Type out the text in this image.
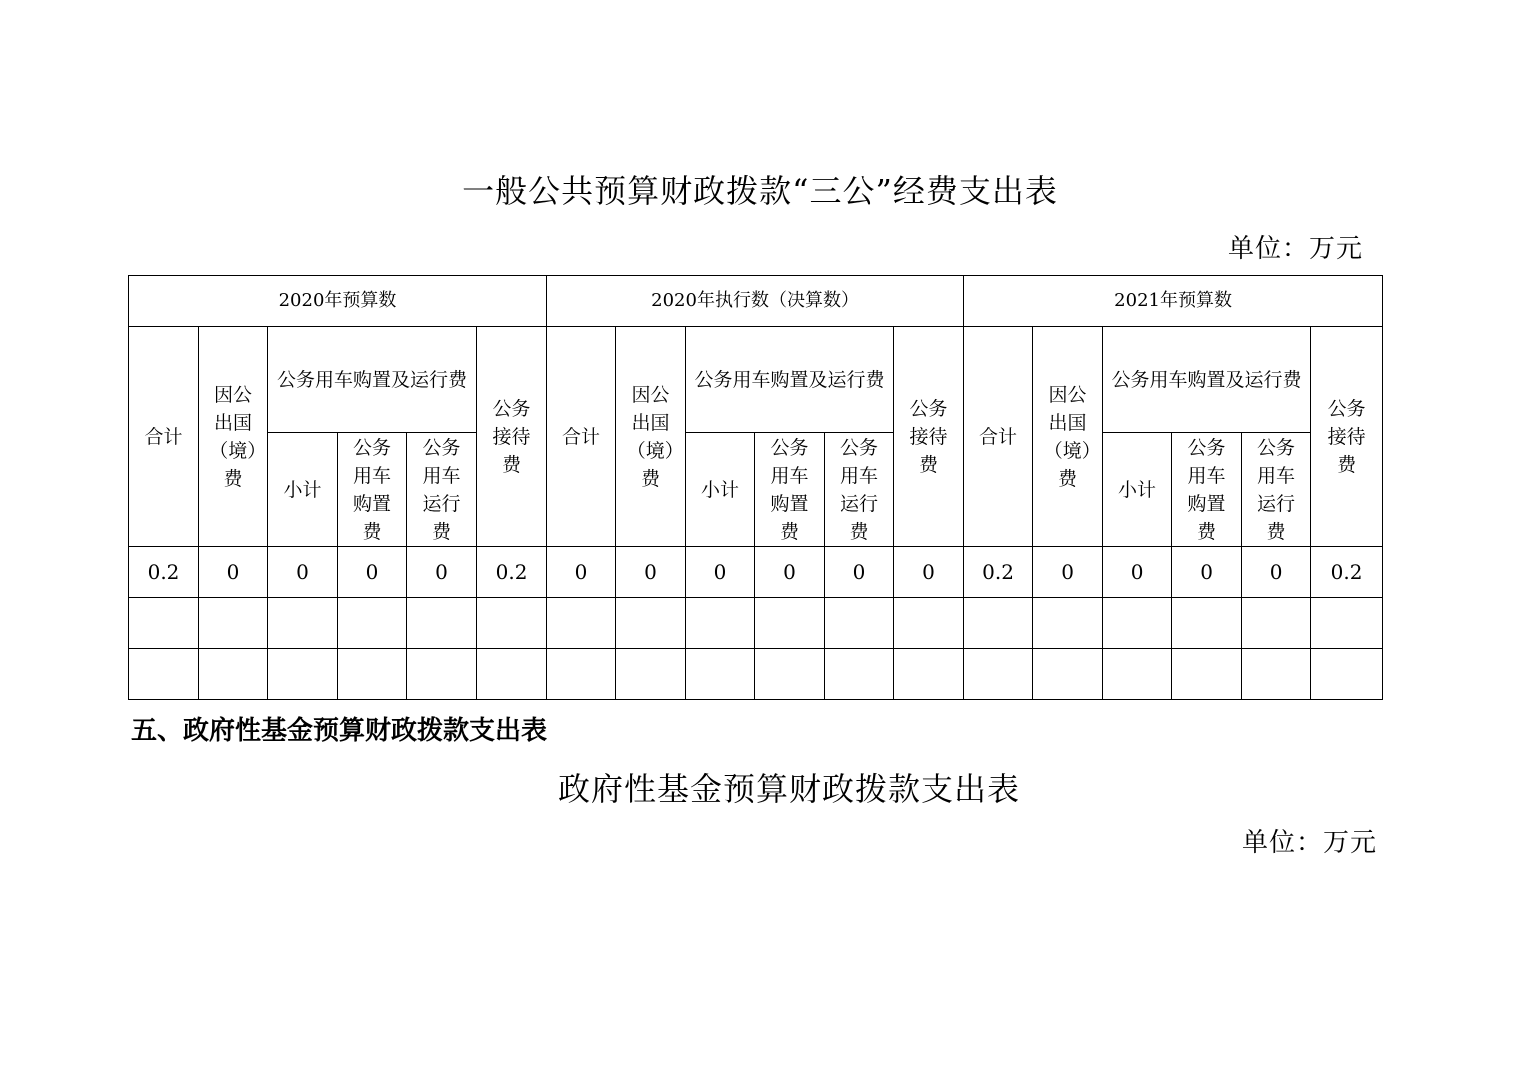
一般公共预算财政拨款“三公”经费支出表
单位：万元
2020年预算数						2020年执行数（决算数）						2021年预算数					
合计	因公出国（境）费	公务用车购置及运行费			公务接待费	合计	因公出国（境）费	公务用车购置及运行费			公务接待费	合计	因公出国（境）费	公务用车购置及运行费			公务接待费
		小计	公务用车购置费	公务用车运行费				小计	公务用车购置费	公务用车运行费				小计	公务用车购置费	公务用车运行费	
0.2	0	0	0	0	0.2	0	0	0	0	0	0	0.2	0	0	0	0	0.2

五、政府性基金预算财政拨款支出表
政府性基金预算财政拨款支出表
单位：万元
